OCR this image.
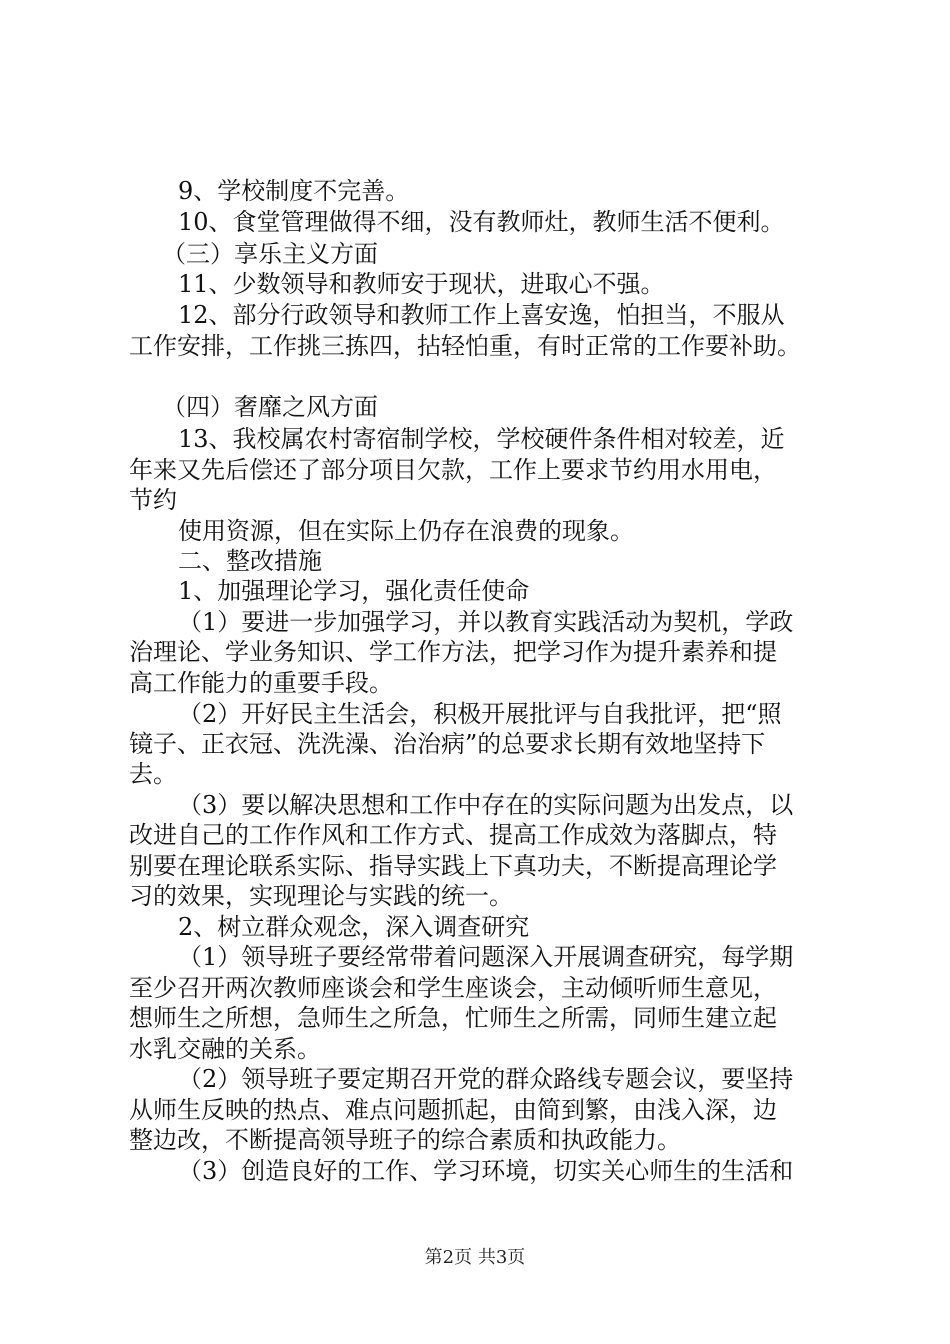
9、学校制度不完善。
10、食堂管理做得不细，没有教师灶，教师生活不便利。
（三）享乐主义方面
11、少数领导和教师安于现状，进取心不强。
12、部分行政领导和教师工作上喜安逸，怕担当，不服从
工作安排，工作挑三拣四，拈轻怕重，有时正常的工作要补助。
（四）奢靡之风方面
13、我校属农村寄宿制学校，学校硬件条件相对较差，近
年来又先后偿还了部分项目欠款，工作上要求节约用水用电，
节约
使用资源，但在实际上仍存在浪费的现象。
二、整改措施
1、加强理论学习，强化责任使命
（1）要进一步加强学习，并以教育实践活动为契机，学政
治理论、学业务知识、学工作方法，把学习作为提升素养和提
高工作能力的重要手段。
（2）开好民主生活会，积极开展批评与自我批评，把“照
镜子、正衣冠、洗洗澡、治治病”的总要求长期有效地坚持下
去。
（3）要以解决思想和工作中存在的实际问题为出发点，以
改进自己的工作作风和工作方式、提高工作成效为落脚点，特
别要在理论联系实际、指导实践上下真功夫，不断提高理论学
习的效果，实现理论与实践的统一。
2、树立群众观念，深入调查研究
（1）领导班子要经常带着问题深入开展调查研究，每学期
至少召开两次教师座谈会和学生座谈会，主动倾听师生意见，
想师生之所想，急师生之所急，忙师生之所需，同师生建立起
水乳交融的关系。
（2）领导班子要定期召开党的群众路线专题会议，要坚持
从师生反映的热点、难点问题抓起，由简到繁，由浅入深，边
整边改，不断提高领导班子的综合素质和执政能力。
（3）创造良好的工作、学习环境，切实关心师生的生活和
第2页 共3页
